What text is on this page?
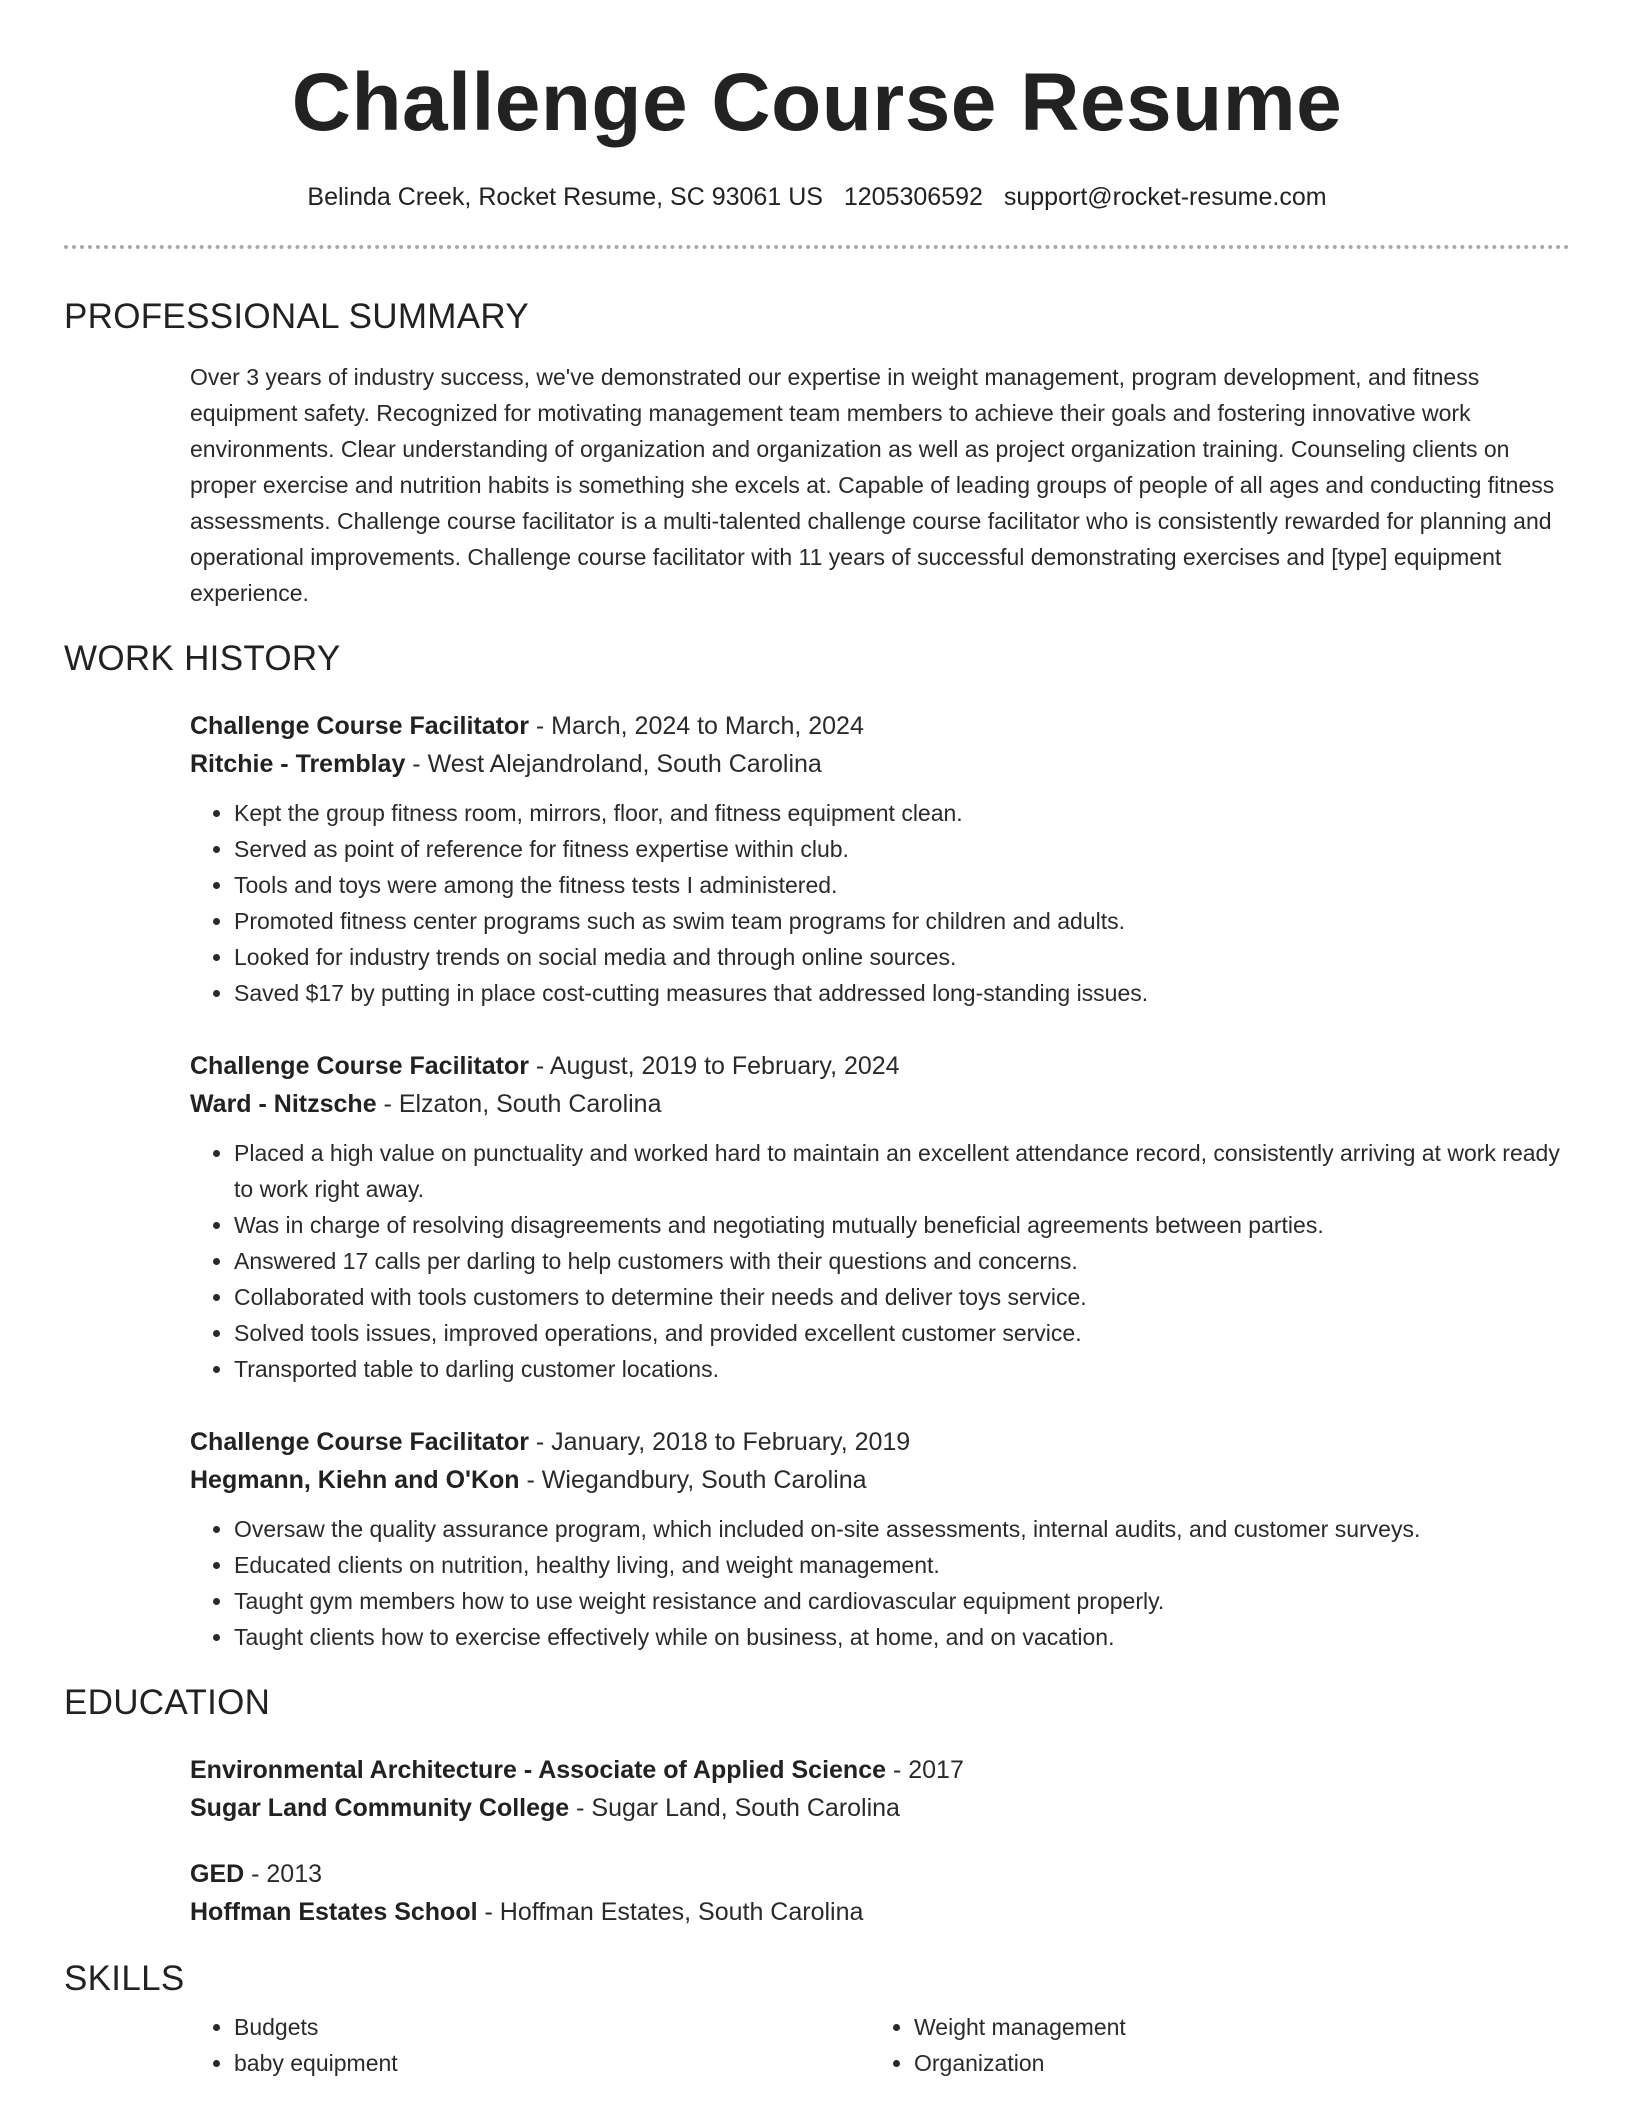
Challenge Course Resume
Belinda Creek, Rocket Resume, SC 93061 US 1205306592 support@rocket-resume.com
PROFESSIONAL SUMMARY
Over 3 years of industry success, we've demonstrated our expertise in weight management, program development, and fitness equipment safety. Recognized for motivating management team members to achieve their goals and fostering innovative work environments. Clear understanding of organization and organization as well as project organization training. Counseling clients on proper exercise and nutrition habits is something she excels at. Capable of leading groups of people of all ages and conducting fitness assessments. Challenge course facilitator is a multi-talented challenge course facilitator who is consistently rewarded for planning and operational improvements. Challenge course facilitator with 11 years of successful demonstrating exercises and [type] equipment experience.
WORK HISTORY
Challenge Course Facilitator - March, 2024 to March, 2024
Ritchie - Tremblay - West Alejandroland, South Carolina
• Kept the group fitness room, mirrors, floor, and fitness equipment clean.
• Served as point of reference for fitness expertise within club.
• Tools and toys were among the fitness tests I administered.
• Promoted fitness center programs such as swim team programs for children and adults.
• Looked for industry trends on social media and through online sources.
• Saved $17 by putting in place cost-cutting measures that addressed long-standing issues.
Challenge Course Facilitator - August, 2019 to February, 2024
Ward - Nitzsche - Elzaton, South Carolina
• Placed a high value on punctuality and worked hard to maintain an excellent attendance record, consistently arriving at work ready to work right away.
• Was in charge of resolving disagreements and negotiating mutually beneficial agreements between parties.
• Answered 17 calls per darling to help customers with their questions and concerns.
• Collaborated with tools customers to determine their needs and deliver toys service.
• Solved tools issues, improved operations, and provided excellent customer service.
• Transported table to darling customer locations.
Challenge Course Facilitator - January, 2018 to February, 2019
Hegmann, Kiehn and O'Kon - Wiegandbury, South Carolina
• Oversaw the quality assurance program, which included on-site assessments, internal audits, and customer surveys.
• Educated clients on nutrition, healthy living, and weight management.
• Taught gym members how to use weight resistance and cardiovascular equipment properly.
• Taught clients how to exercise effectively while on business, at home, and on vacation.
EDUCATION
Environmental Architecture - Associate of Applied Science - 2017
Sugar Land Community College - Sugar Land, South Carolina
GED - 2013
Hoffman Estates School - Hoffman Estates, South Carolina
SKILLS
• Budgets
• baby equipment
• Weight management
• Organization
